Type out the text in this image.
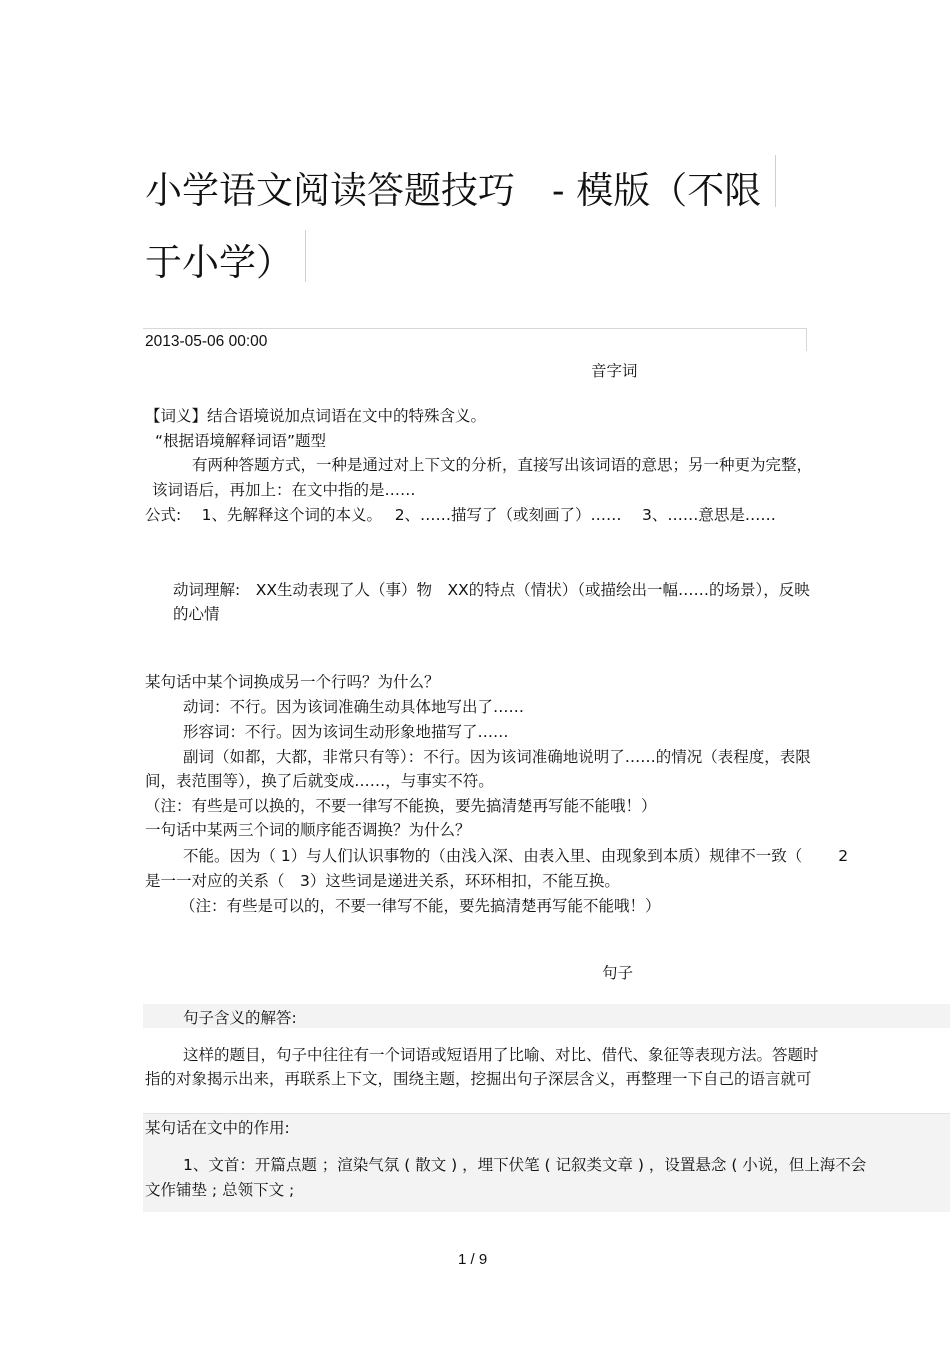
小学语文阅读答题技巧　- 模版（不限
于小学）
2013-05-06 00:00
音字词
【词义】结合语境说加点词语在文中的特殊含义。
“根据语境解释词语”题型
有两种答题方式，一种是通过对上下文的分析，直接写出该词语的意思；另一种更为完整，
该词语后，再加上：在文中指的是……
公式:　 1、先解释这个词的本义。　 2、……描写了（或刻画了）……　 3、……意思是……
动词理解:　XX生动表现了人（事）物　XX的特点（情状）（或描绘出一幅……的场景），反映
的心情
某句话中某个词换成另一个行吗？为什么？
动词：不行。因为该词准确生动具体地写出了……
形容词：不行。因为该词生动形象地描写了……
副词（如都，大都，非常只有等）：不行。因为该词准确地说明了……的情况（表程度，表限
间，表范围等），换了后就变成……，与事实不符。
（注：有些是可以换的，不要一律写不能换，要先搞清楚再写能不能哦！）
一句话中某两三个词的顺序能否调换？为什么？
不能。因为（ 1）与人们认识事物的（由浅入深、由表入里、由现象到本质）规律不一致（　　 2
是一一对应的关系（　3）这些词是递进关系，环环相扣，不能互换。
（注：有些是可以的，不要一律写不能，要先搞清楚再写能不能哦！）
句子
句子含义的解答:
这样的题目，句子中往往有一个词语或短语用了比喻、对比、借代、象征等表现方法。答题时
指的对象揭示出来，再联系上下文，围绕主题，挖掘出句子深层含义，再整理一下自己的语言就可
某句话在文中的作用:
1、文首：开篇点题 ；渲染气氛 ( 散文 ) ，埋下伏笔 ( 记叙类文章 ) ，设置悬念 ( 小说，但上海不会
文作铺垫 ; 总领下文 ;
1 / 9
